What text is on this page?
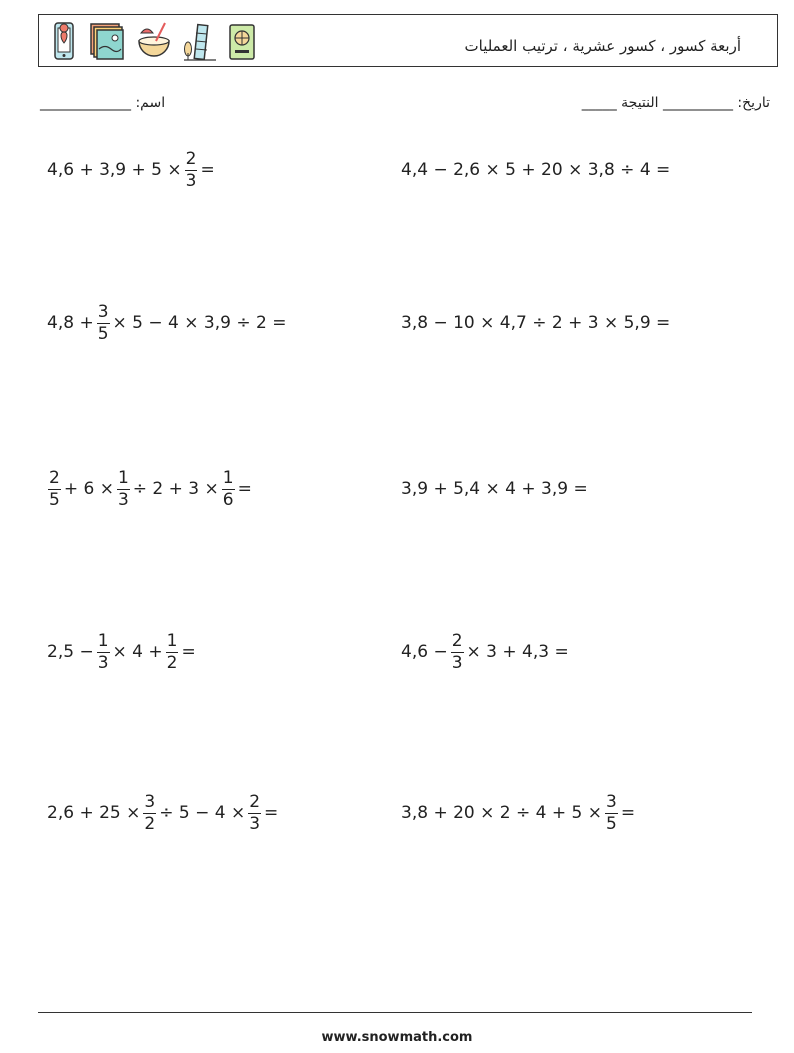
أربعة كسور ، كسور عشرية ، ترتيب العمليات
اسم: _____________	تاريخ: __________ النتيجة _____
$4,6 + 3,9 + 5 \times \frac{2}{3}$ =	4,4 − 2,6 × 5 + 20 × 3,8 ÷ 4 =
$4,8 + \frac{3}{5} \times 5 - 4 \times 3,9 \div 2$ =	3,8 − 10 × 4,7 ÷ 2 + 3 × 5,9 =
$\frac{2}{5} + 6 \times \frac{1}{3} \div 2 + 3 \times \frac{1}{6}$ =	3,9 + 5,4 × 4 + 3,9 =
$2,5 - \frac{1}{3} \times 4 + \frac{1}{2}$ =	$4,6 - \frac{2}{3} \times 3 + 4,3$ =
$2,6 + 25 \times \frac{3}{2} \div 5 - 4 \times \frac{2}{3}$ =	$3,8 + 20 \times 2 \div 4 + 5 \times \frac{3}{5}$ =
www.snowmath.com
